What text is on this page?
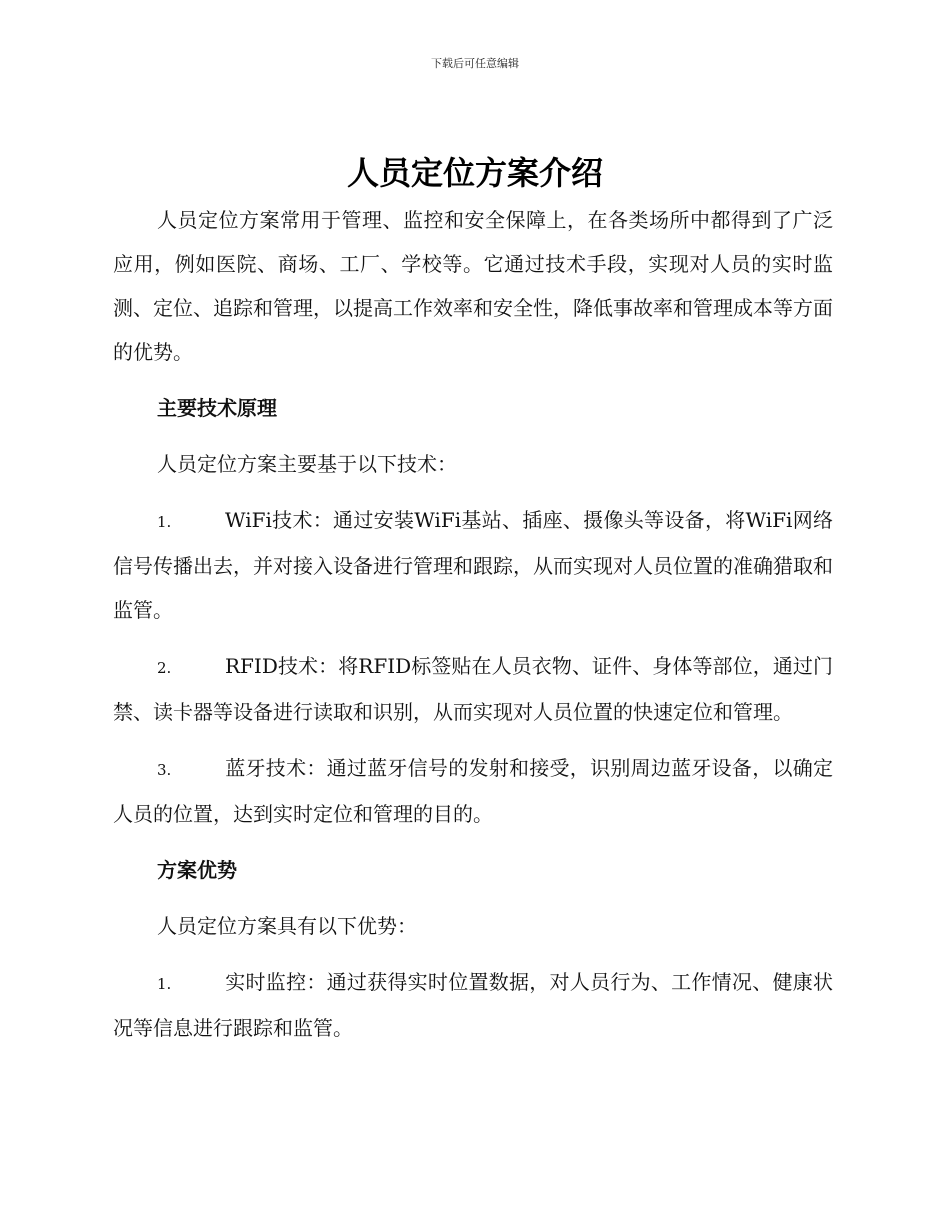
下载后可任意编辑
人员定位方案介绍

人员定位方案常用于管理、监控和安全保障上，在各类场所中都得到了广泛应用，例如医院、商场、工厂、学校等。它通过技术手段，实现对人员的实时监测、定位、追踪和管理，以提高工作效率和安全性，降低事故率和管理成本等方面的优势。

主要技术原理

人员定位方案主要基于以下技术：

1.	WiFi技术：通过安装WiFi基站、插座、摄像头等设备，将WiFi网络信号传播出去，并对接入设备进行管理和跟踪，从而实现对人员位置的准确猎取和监管。

2.	RFID技术：将RFID标签贴在人员衣物、证件、身体等部位，通过门禁、读卡器等设备进行读取和识别，从而实现对人员位置的快速定位和管理。

3.	蓝牙技术：通过蓝牙信号的发射和接受，识别周边蓝牙设备，以确定人员的位置，达到实时定位和管理的目的。

方案优势

人员定位方案具有以下优势：

1.	实时监控：通过获得实时位置数据，对人员行为、工作情况、健康状况等信息进行跟踪和监管。
